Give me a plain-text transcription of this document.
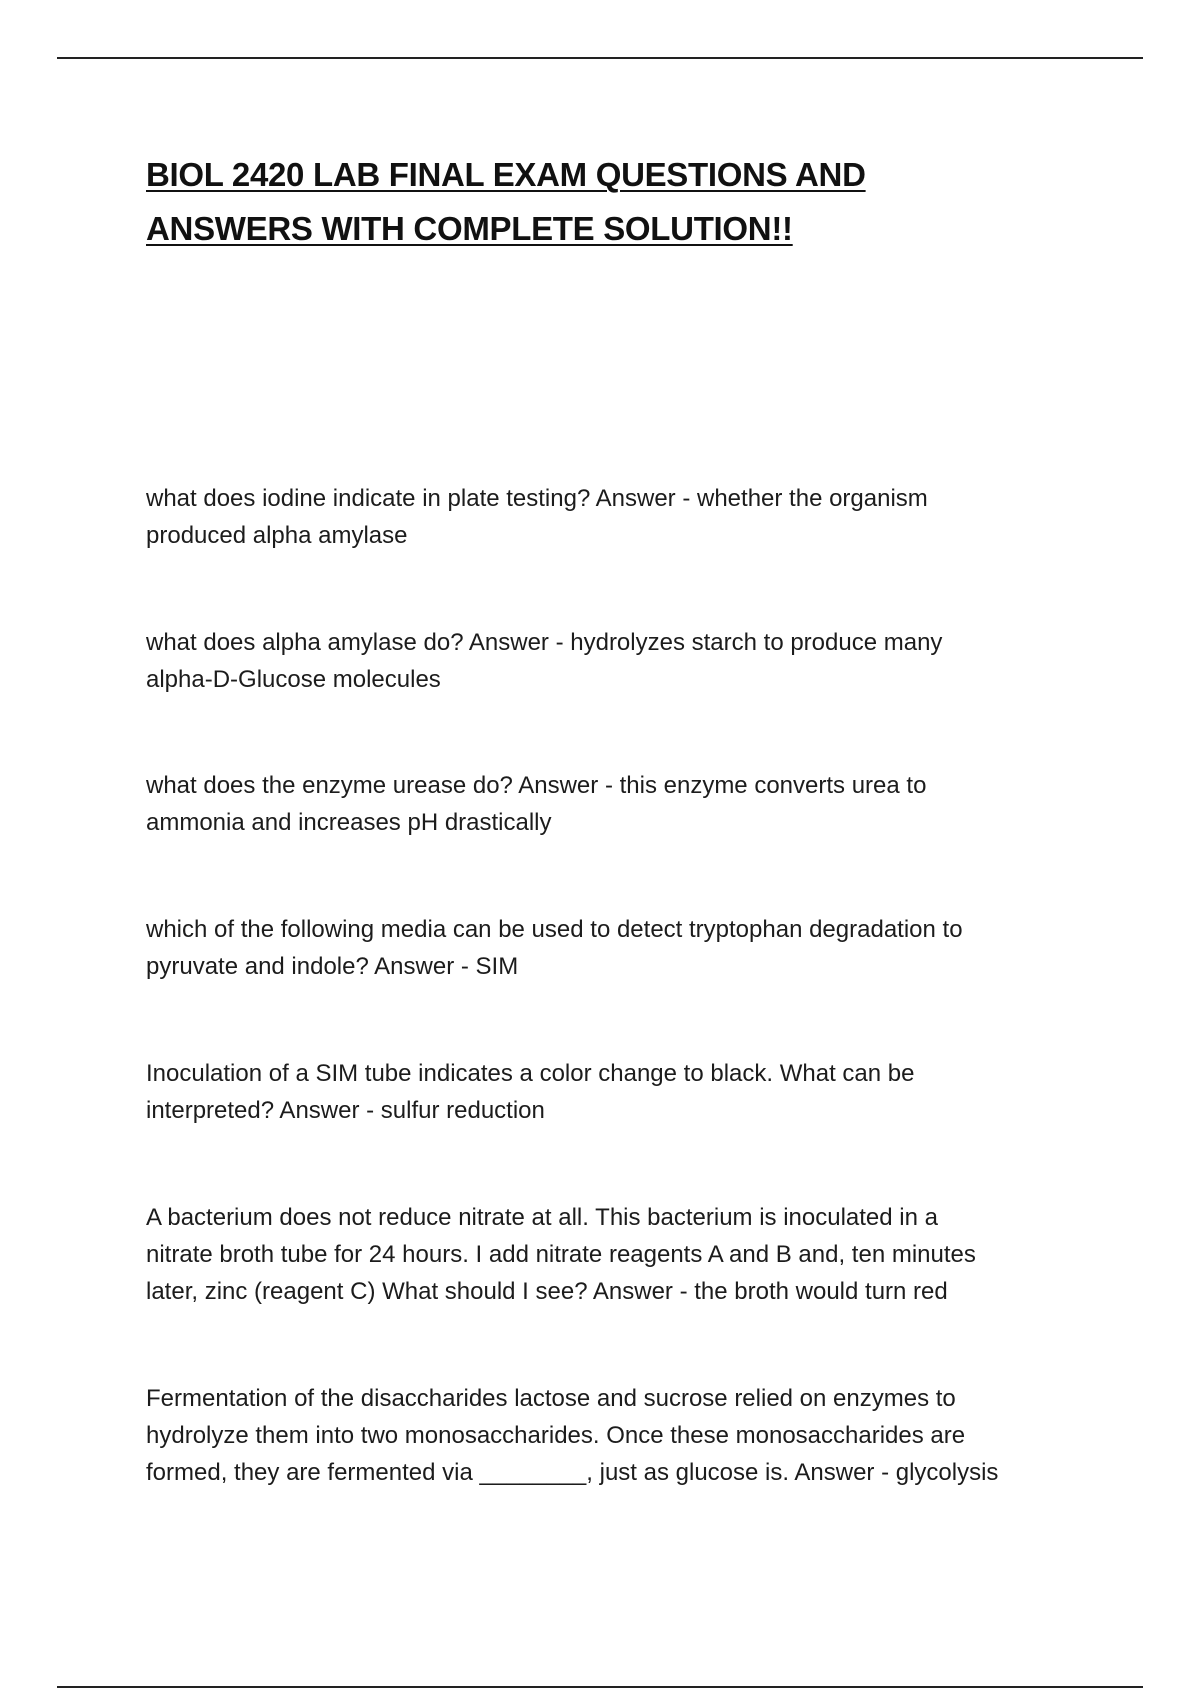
BIOL 2420 LAB FINAL EXAM QUESTIONS AND
ANSWERS WITH COMPLETE SOLUTION!!

what does iodine indicate in plate testing? Answer - whether the organism
produced alpha amylase

what does alpha amylase do? Answer - hydrolyzes starch to produce many
alpha-D-Glucose molecules

what does the enzyme urease do? Answer - this enzyme converts urea to
ammonia and increases pH drastically

which of the following media can be used to detect tryptophan degradation to
pyruvate and indole? Answer - SIM

Inoculation of a SIM tube indicates a color change to black. What can be
interpreted? Answer - sulfur reduction

A bacterium does not reduce nitrate at all. This bacterium is inoculated in a
nitrate broth tube for 24 hours. I add nitrate reagents A and B and, ten minutes
later, zinc (reagent C) What should I see? Answer - the broth would turn red

Fermentation of the disaccharides lactose and sucrose relied on enzymes to
hydrolyze them into two monosaccharides. Once these monosaccharides are
formed, they are fermented via ________, just as glucose is. Answer - glycolysis
